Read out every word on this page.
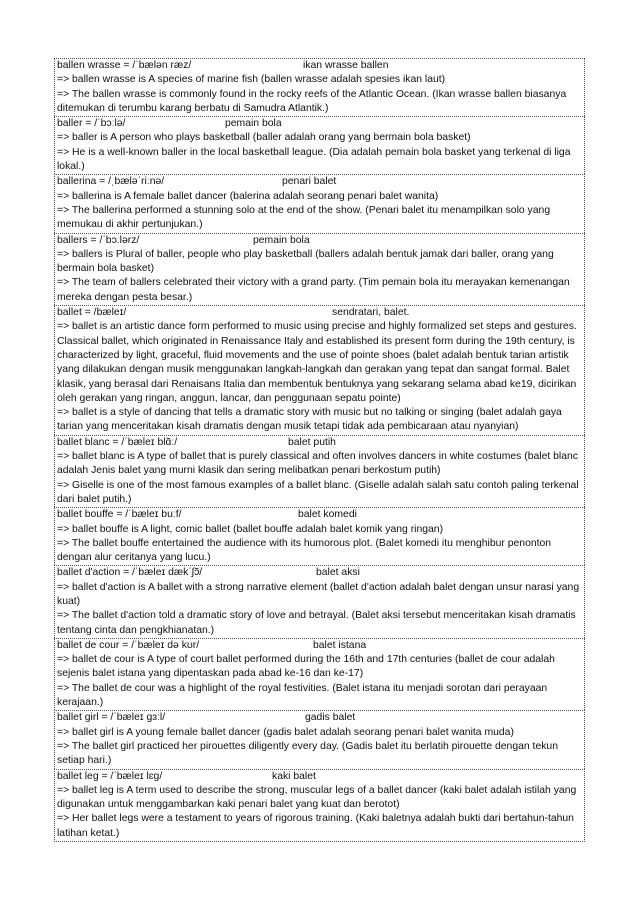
ballen wrasse = /ˈbælən ræz/	ikan wrasse ballen
=> ballen wrasse is A species of marine fish (ballen wrasse adalah spesies ikan laut)
=> The ballen wrasse is commonly found in the rocky reefs of the Atlantic Ocean. (Ikan wrasse ballen biasanya ditemukan di terumbu karang berbatu di Samudra Atlantik.)
baller = /ˈbɔːlə/	pemain bola
=> baller is A person who plays basketball (baller adalah orang yang bermain bola basket)
=> He is a well-known baller in the local basketball league. (Dia adalah pemain bola basket yang terkenal di liga lokal.)
ballerina = /ˌbæləˈriːnə/	penari balet
=> ballerina is A female ballet dancer (balerina adalah seorang penari balet wanita)
=> The ballerina performed a stunning solo at the end of the show. (Penari balet itu menampilkan solo yang memukau di akhir pertunjukan.)
ballers = /ˈbɔːlərz/	pemain bola
=> ballers is Plural of baller, people who play basketball (ballers adalah bentuk jamak dari baller, orang yang bermain bola basket)
=> The team of ballers celebrated their victory with a grand party. (Tim pemain bola itu merayakan kemenangan mereka dengan pesta besar.)
ballet = /bæleɪ/	sendratari, balet.
=> ballet is an artistic dance form performed to music using precise and highly formalized set steps and gestures. Classical ballet, which originated in Renaissance Italy and established its present form during the 19th century, is characterized by light, graceful, fluid movements and the use of pointe shoes (balet adalah bentuk tarian artistik yang dilakukan dengan musik menggunakan langkah-langkah dan gerakan yang tepat dan sangat formal. Balet klasik, yang berasal dari Renaisans Italia dan membentuk bentuknya yang sekarang selama abad ke19, dicirikan oleh gerakan yang ringan, anggun, lancar, dan penggunaan sepatu pointe)
=> ballet is a style of dancing that tells a dramatic story with music but no talking or singing (balet adalah gaya tarian yang menceritakan kisah dramatis dengan musik tetapi tidak ada pembicaraan atau nyanyian)
ballet blanc = /ˈbæleɪ blɑ̃ː/	balet putih
=> ballet blanc is A type of ballet that is purely classical and often involves dancers in white costumes (balet blanc adalah Jenis balet yang murni klasik dan sering melibatkan penari berkostum putih)
=> Giselle is one of the most famous examples of a ballet blanc. (Giselle adalah salah satu contoh paling terkenal dari balet putih.)
ballet bouffe = /ˈbæleɪ buːf/	balet komedi
=> ballet bouffe is A light, comic ballet (ballet bouffe adalah balet komik yang ringan)
=> The ballet bouffe entertained the audience with its humorous plot. (Balet komedi itu menghibur penonton dengan alur ceritanya yang lucu.)
ballet d'action = /ˈbæleɪ dækˈʃɔ̃/	balet aksi
=> ballet d'action is A ballet with a strong narrative element (ballet d'action adalah balet dengan unsur narasi yang kuat)
=> The ballet d'action told a dramatic story of love and betrayal. (Balet aksi tersebut menceritakan kisah dramatis tentang cinta dan pengkhianatan.)
ballet de cour = /ˈbæleɪ də kʊr/	balet istana
=> ballet de cour is A type of court ballet performed during the 16th and 17th centuries (ballet de cour adalah sejenis balet istana yang dipentaskan pada abad ke-16 dan ke-17)
=> The ballet de cour was a highlight of the royal festivities. (Balet istana itu menjadi sorotan dari perayaan kerajaan.)
ballet girl = /ˈbæleɪ ɡɜːl/	gadis balet
=> ballet girl is A young female ballet dancer (gadis balet adalah seorang penari balet wanita muda)
=> The ballet girl practiced her pirouettes diligently every day. (Gadis balet itu berlatih pirouette dengan tekun setiap hari.)
ballet leg = /ˈbæleɪ lɛɡ/	kaki balet
=> ballet leg is A term used to describe the strong, muscular legs of a ballet dancer (kaki balet adalah istilah yang digunakan untuk menggambarkan kaki penari balet yang kuat dan berotot)
=> Her ballet legs were a testament to years of rigorous training. (Kaki baletnya adalah bukti dari bertahun-tahun latihan ketat.)
